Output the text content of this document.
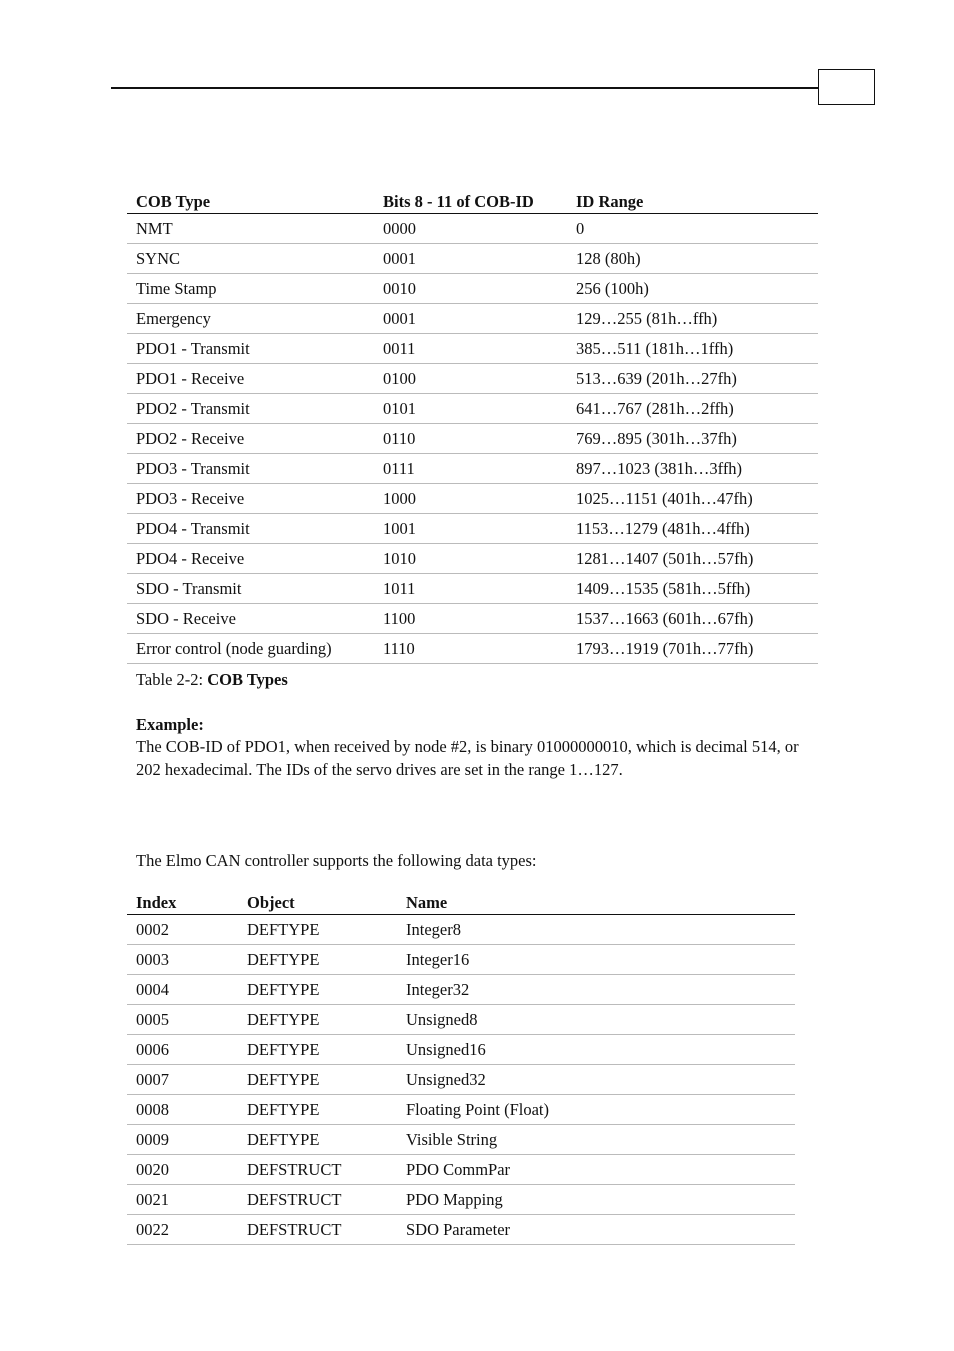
COB Type	Bits 8 - 11 of COB-ID	ID Range
NMT	0000	0
SYNC	0001	128 (80h)
Time Stamp	0010	256 (100h)
Emergency	0001	129…255 (81h…ffh)
PDO1 - Transmit	0011	385…511 (181h…1ffh)
PDO1 - Receive	0100	513…639 (201h…27fh)
PDO2 - Transmit	0101	641…767 (281h…2ffh)
PDO2 - Receive	0110	769…895 (301h…37fh)
PDO3 - Transmit	0111	897…1023 (381h…3ffh)
PDO3 - Receive	1000	1025…1151 (401h…47fh)
PDO4 - Transmit	1001	1153…1279 (481h…4ffh)
PDO4 - Receive	1010	1281…1407 (501h…57fh)
SDO - Transmit	1011	1409…1535 (581h…5ffh)
SDO - Receive	1100	1537…1663 (601h…67fh)
Error control (node guarding)	1110	1793…1919 (701h…77fh)
Table 2-2: COB Types
Example:
The COB-ID of PDO1, when received by node #2, is binary 01000000010, which is decimal 514, or 202 hexadecimal. The IDs of the servo drives are set in the range 1…127.
The Elmo CAN controller supports the following data types:
Index	Object	Name
0002	DEFTYPE	Integer8
0003	DEFTYPE	Integer16
0004	DEFTYPE	Integer32
0005	DEFTYPE	Unsigned8
0006	DEFTYPE	Unsigned16
0007	DEFTYPE	Unsigned32
0008	DEFTYPE	Floating Point (Float)
0009	DEFTYPE	Visible String
0020	DEFSTRUCT	PDO CommPar
0021	DEFSTRUCT	PDO Mapping
0022	DEFSTRUCT	SDO Parameter
